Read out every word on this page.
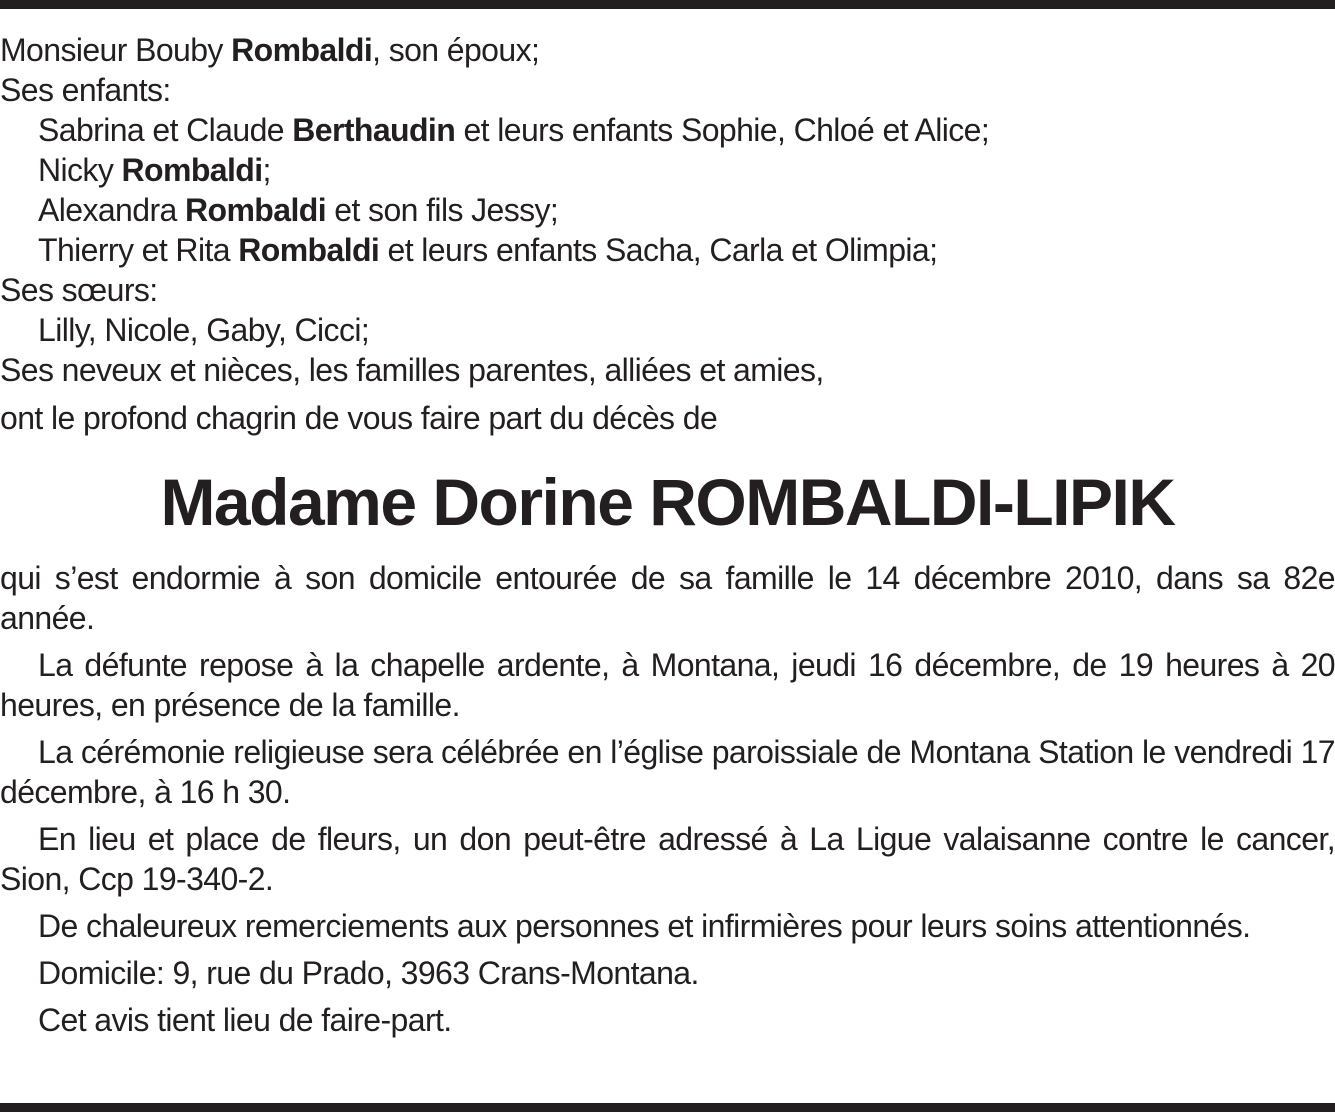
Monsieur Bouby Rombaldi, son époux;
Ses enfants:
Sabrina et Claude Berthaudin et leurs enfants Sophie, Chloé et Alice;
Nicky Rombaldi;
Alexandra Rombaldi et son fils Jessy;
Thierry et Rita Rombaldi et leurs enfants Sacha, Carla et Olimpia;
Ses sœurs:
Lilly, Nicole, Gaby, Cicci;
Ses neveux et nièces, les familles parentes, alliées et amies,
ont le profond chagrin de vous faire part du décès de
Madame Dorine ROMBALDI-LIPIK
qui s’est endormie à son domicile entourée de sa famille le 14 décembre 2010, dans sa 82e année.
La défunte repose à la chapelle ardente, à Montana, jeudi 16 décembre, de 19 heures à 20 heures, en présence de la famille.
La cérémonie religieuse sera célébrée en l’église paroissiale de Montana Station le vendredi 17 décembre, à 16 h 30.
En lieu et place de fleurs, un don peut-être adressé à La Ligue valaisanne contre le cancer, Sion, Ccp 19-340-2.
De chaleureux remerciements aux personnes et infirmières pour leurs soins attentionnés.
Domicile: 9, rue du Prado, 3963 Crans-Montana.
Cet avis tient lieu de faire-part.
